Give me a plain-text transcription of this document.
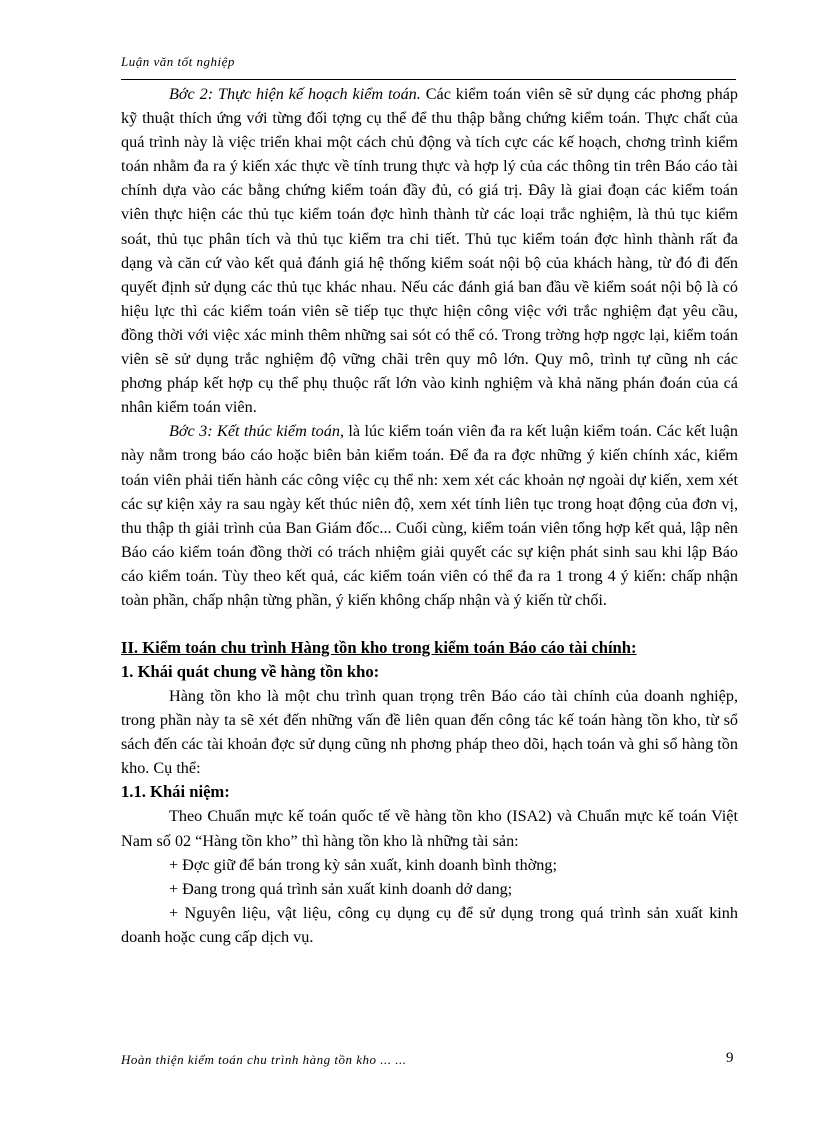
Luận văn tốt nghiệp

Bớc 2: Thực hiện kế hoạch kiểm toán. Các kiểm toán viên sẽ sử dụng các phơng pháp kỹ thuật thích ứng với từng đối tợng cụ thể để thu thập bằng chứng kiểm toán. Thực chất của quá trình này là việc triển khai một cách chủ động và tích cực các kế hoạch, chơng trình kiểm toán nhằm đa ra ý kiến xác thực về tính trung thực và hợp lý của các thông tin trên Báo cáo tài chính dựa vào các bằng chứng kiểm toán đầy đủ, có giá trị. Đây là giai đoạn các kiểm toán viên thực hiện các thủ tục kiểm toán đợc hình thành từ các loại trắc nghiệm, là thủ tục kiểm soát, thủ tục phân tích và thủ tục kiểm tra chi tiết. Thủ tục kiểm toán đợc hình thành rất đa dạng và căn cứ vào kết quả đánh giá hệ thống kiểm soát nội bộ của khách hàng, từ đó đi đến quyết định sử dụng các thủ tục khác nhau. Nếu các đánh giá ban đầu về kiểm soát nội bộ là có hiệu lực thì các kiểm toán viên sẽ tiếp tục thực hiện công việc với trắc nghiệm đạt yêu cầu, đồng thời với việc xác minh thêm những sai sót có thể có. Trong trờng hợp ngợc lại, kiểm toán viên sẽ sử dụng trắc nghiệm độ vững chãi trên quy mô lớn. Quy mô, trình tự cũng nh các phơng pháp kết hợp cụ thể phụ thuộc rất lớn vào kinh nghiệm và khả năng phán đoán của cá nhân kiểm toán viên.

Bớc 3: Kết thúc kiểm toán, là lúc kiểm toán viên đa ra kết luận kiểm toán. Các kết luận này nằm trong báo cáo hoặc biên bản kiểm toán. Để đa ra đợc những ý kiến chính xác, kiểm toán viên phải tiến hành các công việc cụ thể nh: xem xét các khoản nợ ngoài dự kiến, xem xét các sự kiện xảy ra sau ngày kết thúc niên độ, xem xét tính liên tục trong hoạt động của đơn vị, thu thập th giải trình của Ban Giám đốc... Cuối cùng, kiểm toán viên tổng hợp kết quả, lập nên Báo cáo kiểm toán đồng thời có trách nhiệm giải quyết các sự kiện phát sinh sau khi lập Báo cáo kiểm toán. Tùy theo kết quả, các kiểm toán viên có thể đa ra 1 trong 4 ý kiến: chấp nhận toàn phần, chấp nhận từng phần, ý kiến không chấp nhận và ý kiến từ chối.

II. Kiểm toán chu trình Hàng tồn kho trong kiểm toán Báo cáo tài chính:

1. Khái quát chung về hàng tồn kho:

Hàng tồn kho là một chu trình quan trọng trên Báo cáo tài chính của doanh nghiệp, trong phần này ta sẽ xét đến những vấn đề liên quan đến công tác kế toán hàng tồn kho, từ sổ sách đến các tài khoản đợc sử dụng cũng nh phơng pháp theo dõi, hạch toán và ghi sổ hàng tồn kho. Cụ thể:

1.1. Khái niệm:

Theo Chuẩn mực kế toán quốc tế về hàng tồn kho (ISA2) và Chuẩn mực kế toán Việt Nam số 02 “Hàng tồn kho” thì hàng tồn kho là những tài sản:

+ Đợc giữ để bán trong kỳ sản xuất, kinh doanh bình thờng;

+ Đang trong quá trình sản xuất kinh doanh dở dang;

+ Nguyên liệu, vật liệu, công cụ dụng cụ để sử dụng trong quá trình sản xuất kinh doanh hoặc cung cấp dịch vụ.

Hoàn thiện kiểm toán chu trình hàng tồn kho ... ...	9
